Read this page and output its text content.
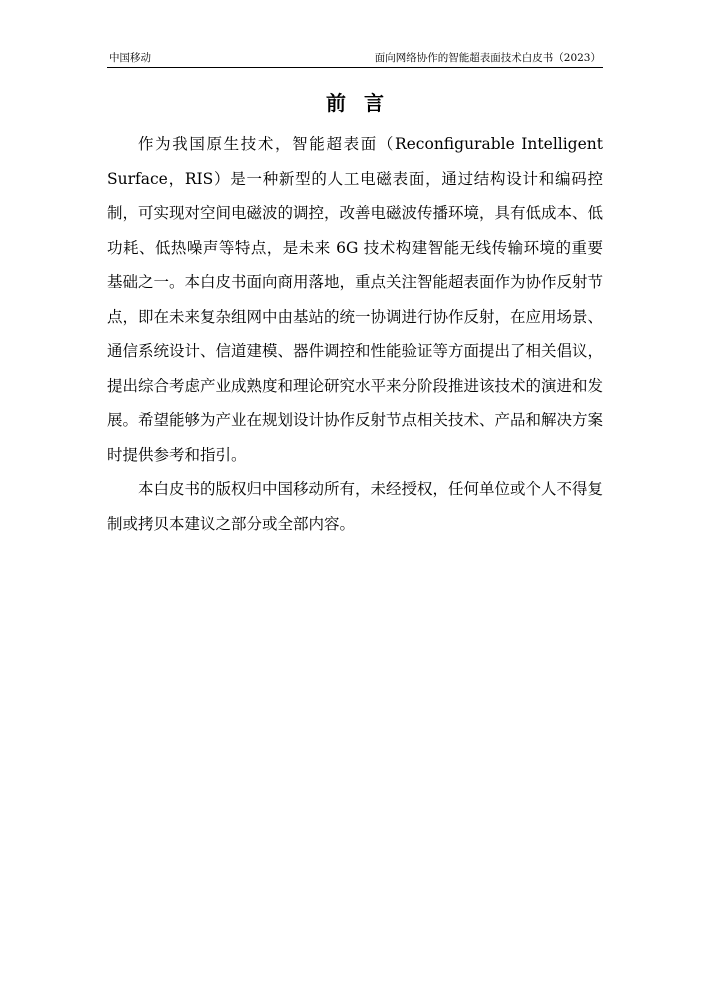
中国移动	面向网络协作的智能超表面技术白皮书（2023）
前言

作为我国原生技术，智能超表面（Reconfigurable Intelligent Surface，RIS）是一种新型的人工电磁表面，通过结构设计和编码控制，可实现对空间电磁波的调控，改善电磁波传播环境，具有低成本、低功耗、低热噪声等特点，是未来 6G 技术构建智能无线传输环境的重要基础之一。本白皮书面向商用落地，重点关注智能超表面作为协作反射节点，即在未来复杂组网中由基站的统一协调进行协作反射，在应用场景、通信系统设计、信道建模、器件调控和性能验证等方面提出了相关倡议，提出综合考虑产业成熟度和理论研究水平来分阶段推进该技术的演进和发展。希望能够为产业在规划设计协作反射节点相关技术、产品和解决方案时提供参考和指引。

本白皮书的版权归中国移动所有，未经授权，任何单位或个人不得复制或拷贝本建议之部分或全部内容。
